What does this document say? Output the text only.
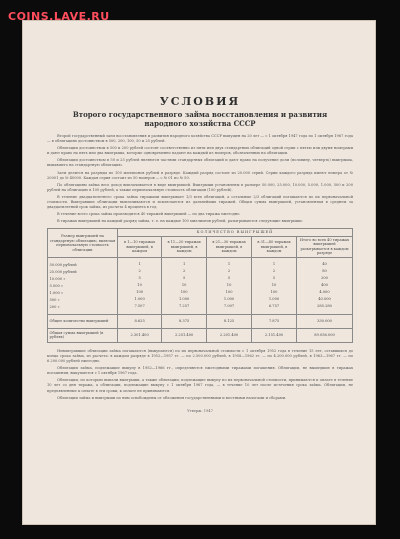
COINS.LAVE.RU
УСЛОВИЯ
Второго государственного займа восстановления и развития
народного хозяйства СССР

Второй государственный заем восстановления и развития народного хозяйства СССР выпущен на 20 лет — с 1 октября 1947 года по 1 октября 1967 года — в облигациях достоинством в 500, 200, 100, 50 и 25 рублей.

Облигации достоинством в 500 и 200 рублей состоят соответственно из пяти или двух стандартных облигаций одной серии с пятью или двумя номерами и дают право на пять или два выигрыша, которые одновременно падают на каждый из номеров, обозначенных на облигации.

Облигации достоинством в 50 и 25 рублей являются частями стандартных облигаций и дают право на получение доли (половину, четверть) выигрыша, выпавшего на стандартную облигацию.

Заем делится на разряды по 100 миллионов рублей в разряде. Каждый разряд состоит из 20.000 серий. Серии каждого разряда имеют номера от № 20001 до № 40000. Каждая серия состоит из 50 номеров — с № 01 по № 50.

По облигациям займа весь доход выплачивается в виде выигрышей. Выигрыши установлены в размере 50.000, 25.000, 10.000, 5.000, 1.000, 500 и 200 рублей на облигацию в 100 рублей, а также первоначальную стоимость облигации (100 рублей).

В течение двадцатилетнего срока займа тиражами выигрывает 1/3 всех облигаций, а остальные 2/3 облигаций погашаются по их первоначальной стоимости. Выигравшие облигации выплачиваются и исключаются из дальнейших тиражей. Общая сумма выигрышей, установленная в среднем за двадцатилетний срок займа, из расчета 4 процента в год.

В течение всего срока займа производится 40 тиражей выигрышей — по два тиража ежегодно.

В тиражах выигрышей на каждый разряд займа, т. е. на каждые 100 миллионов рублей, разыгрываются следующие выигрыши:

Размер выигрышей на стандартную облигацию, включая первоначальную стоимость облигации	КОЛИЧЕСТВО ВЫИГРЫШЕЙ				
	в 1—10 тиражах выигрышей, в каждом	в 11—20 тиражах выигрышей, в каждом	в 21—30 тиражах выигрышей, в каждом	в 31—40 тиражах выигрышей, в каждом	Итого во всех 40 тиражах выигрышей разыгрывается в каждом разряде

50.000 рублей	1	1	1	1	40
25.000 рублей	2	2	2	2	80
10.000 »	5	5	5	5	200
5.000 »	10	10	10	10	400
1.000 »	100	100	100	100	4.000
500 »	1.000	1.000	1.000	1.000	40.000
200 »	7.507	7.257	7.007	6.757	285.280

Общее количество выигрышей	8.625	8.375	8.125	7.875	330.000
Общая сумма выигрышей (в рублях)	2.301.400	2.251.400	2.201.400	2.151.400	89.056.000

Невыигравшие облигации займа погашаются (выкупаются) по их первоначальной стоимости с 1 октября 1952 года в течение 15 лет, оставшихся до конца срока займа, из расчета: в каждом разряде в 1952—1957 гг. — по 2.500.000 рублей, в 1958—1962 гг. — по 4.200.000 рублей, в 1963—1967 гг. — по 6.200.000 рублей ежегодно.

Облигации займа, подлежащие выкупу в 1952—1966 гг., определяются ежегодными тиражами погашения. Облигации, не вышедшие в тиражах погашения, выкупаются с 1 октября 1967 года.

Облигации, по которым выпали выигрыши, а также облигации, подлежащие выкупу по их первоначальной стоимости, принимаются к оплате в течение 10 лет со дня тиража, а облигации, подлежащие выкупу с 1 октября 1967 года, — в течение 10 лет после истечения срока займа. Облигации, не предъявленные к оплате в эти сроки, к оплате не принимаются.

Облигации займа и выигрыши по ним освобождены от обложения государственными и местными налогами и сборами.

Утверж. 1947
